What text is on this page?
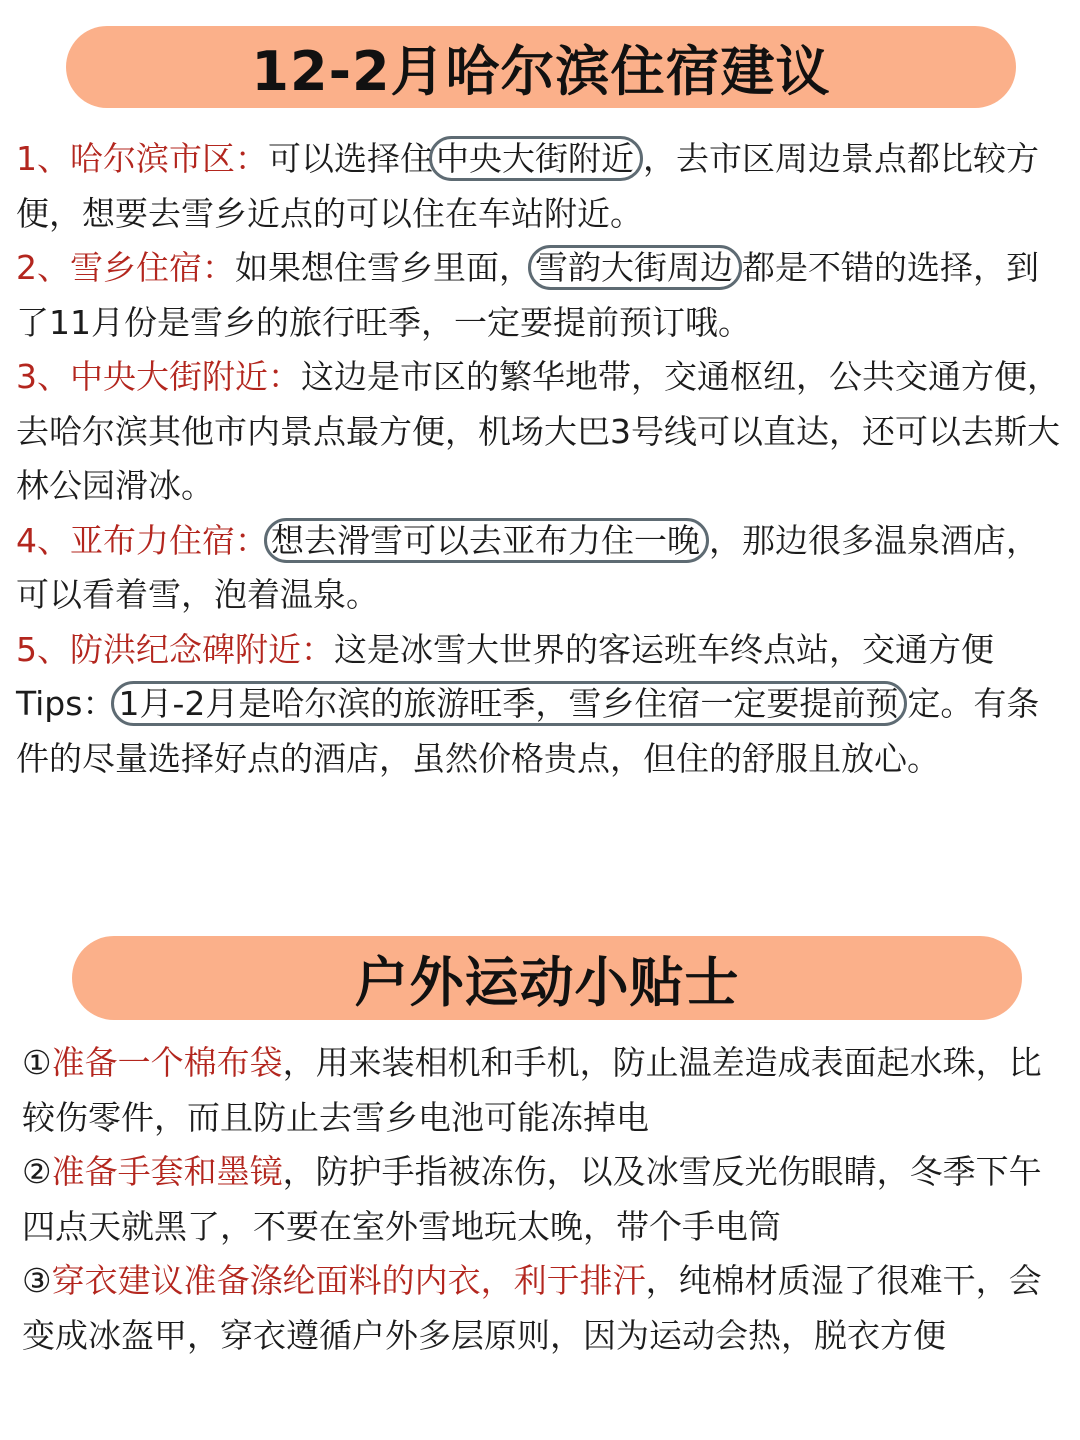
12-2月哈尔滨住宿建议

1、哈尔滨市区：可以选择住中央大街附近 ，去市区周边景点都比较方便，想要去雪乡近点的可以住在车站附近。

2、雪乡住宿：如果想住雪乡里面，雪韵大街周边 都是不错的选择，到了11月份是雪乡的旅行旺季，一定要提前预订哦。

3、中央大街附近：这边是市区的繁华地带，交通枢纽，公共交通方便，去哈尔滨其他市内景点最方便，机场大巴3号线可以直达，还可以去斯大林公园滑冰。

4、亚布力住宿：想去滑雪可以去亚布力住一晚 ，那边很多温泉酒店，可以看着雪，泡着温泉。

5、防洪纪念碑附近：这是冰雪大世界的客运班车终点站，交通方便

Tips：1月-2月是哈尔滨的旅游旺季，雪乡住宿一定要提前预 定。有条件的尽量选择好点的酒店，虽然价格贵点，但住的舒服且放心。

户外运动小贴士

①准备一个棉布袋，用来装相机和手机，防止温差造成表面起水珠，比较伤零件，而且防止去雪乡电池可能冻掉电

②准备手套和墨镜，防护手指被冻伤，以及冰雪反光伤眼睛，冬季下午四点天就黑了，不要在室外雪地玩太晚，带个手电筒

③穿衣建议准备涤纶面料的内衣，利于排汗，纯棉材质湿了很难干，会变成冰盔甲，穿衣遵循户外多层原则，因为运动会热，脱衣方便
